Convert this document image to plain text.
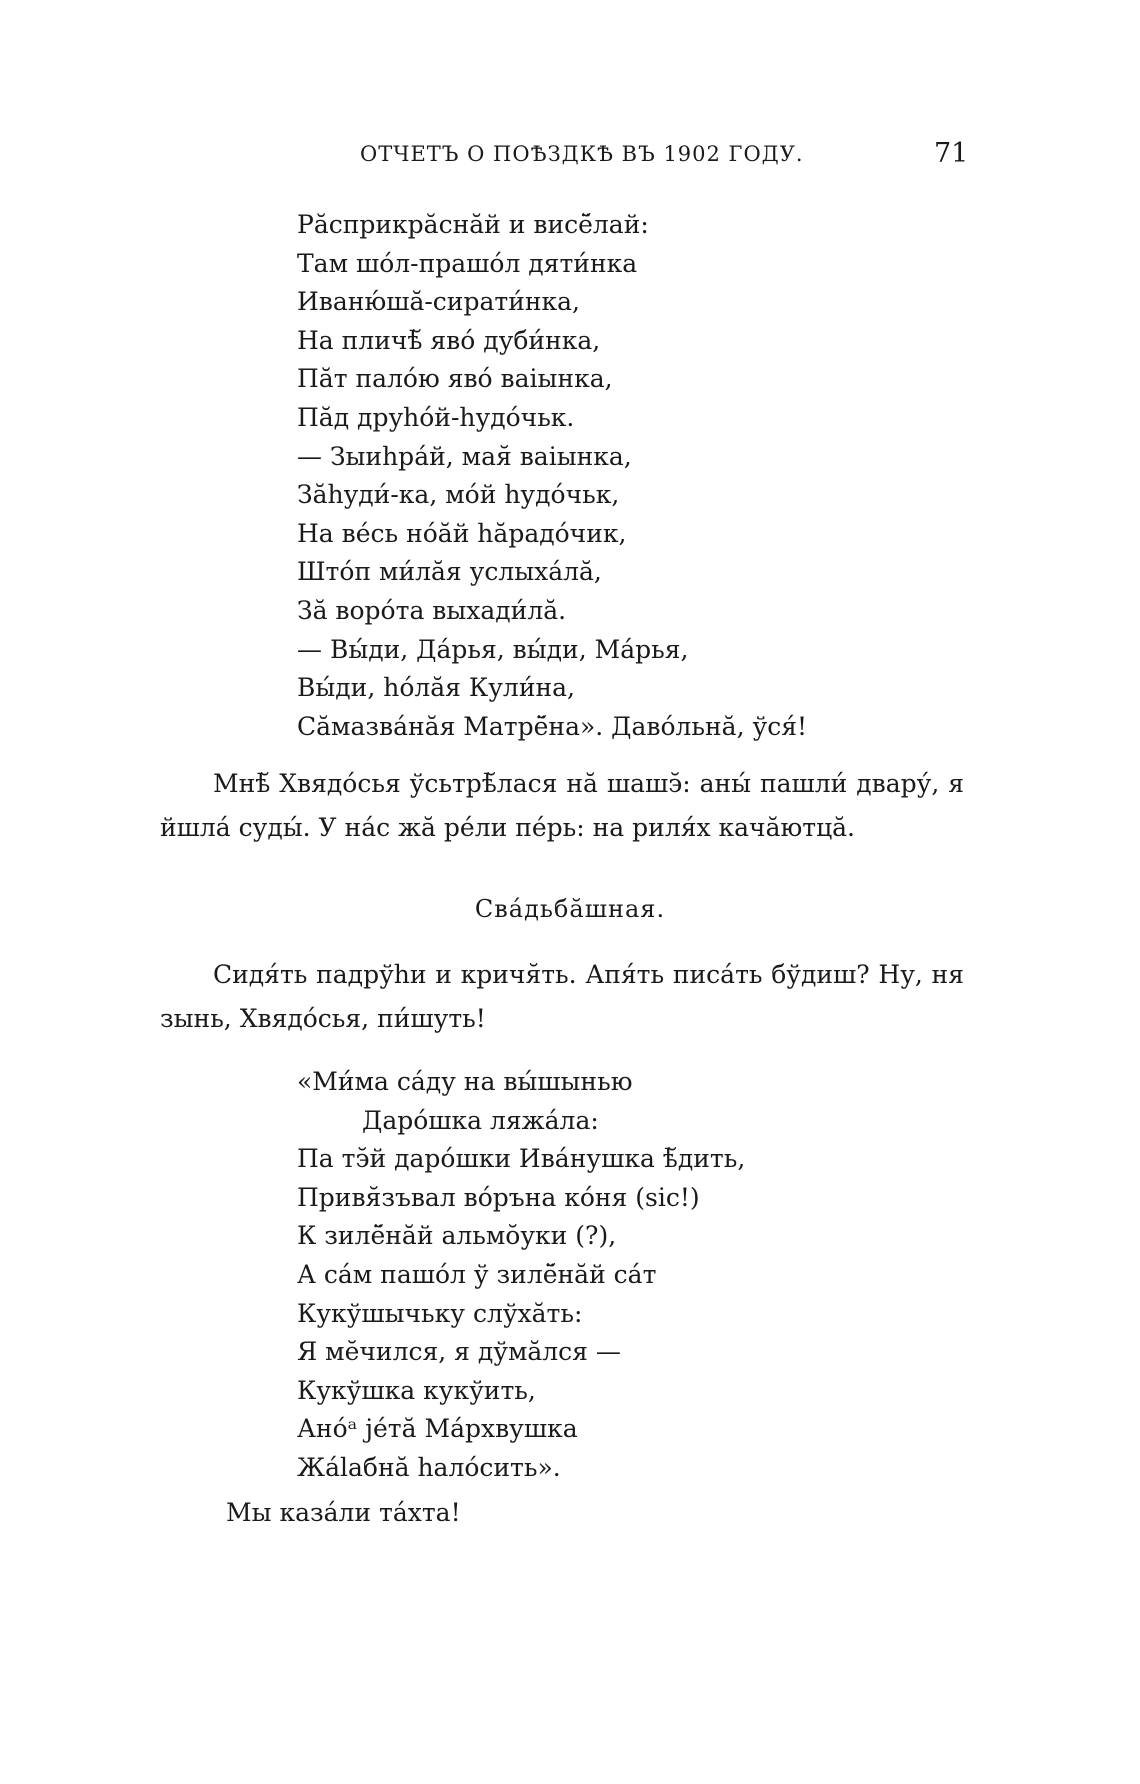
ОТЧЕТЪ О ПОѢЗДКѢ ВЪ 1902 ГОДУ.	71
Рӑсприкрӑснӑй и висё̆лай:
Там шо́л-прашо́л дяти́нка
Иваню́шӑ-сирати́нка,
На пличѣ̆ яво́ дуби́нка,
Пӑт пало́ю яво́ вaiынка,
Пӑд друhо́й-hудо́чьк.
— Зыиhра́й, мая̆ вaiынка,
Зӑhуди́-ка, мо́й hудо́чьк,
На ве́сь но́ӑй hӑрадо́чик,
Што́п ми́лӑя услыха́лӑ,
Зӑ воро́та выхади́лӑ.
— Вы́ди, Да́рья, вы́ди, Ма́рья,
Вы́ди, hо́лӑя Кули́на,
Сӑмазва́нӑя Матрё̆на». Даво́льнӑ, ўся́!

Мнѣ̆ Хвядо́сья ўсьтрѣ̆лася нӑ шашэ̆: аны́ пашли́ двару́, я йшла́ суды́. У на́с жӑ ре́ли пе́рь: на риля́х качӑютцӑ.

Сва́дьбӑшная.

Сидя́ть падрўhи и кричя̆ть. Апя́ть писа́ть бўдиш? Ну, ня зынь, Хвядо́сья, пи́шуть!

«Ми́ма са́ду на вы́шынью
Даро́шка ляжа́ла:
Па тэ̆й даро́шки Ива́нушка ѣ̆дить,
Привя̆зъвал во́ръна ко́ня (sic!)
К зилё̆нӑй альмо̆уки (?),
А са́м пашо́л ў зилё̆нӑй са́т
Кукўшычьку слўхӑть:
Я мӗчился, я дўмӑлся —
Кукўшка кукўить,
Ано́ᵃ jе́тӑ Ма́рхвушка
Жа́laбнӑ hало́сить».
Мы каза́ли та́хта!
